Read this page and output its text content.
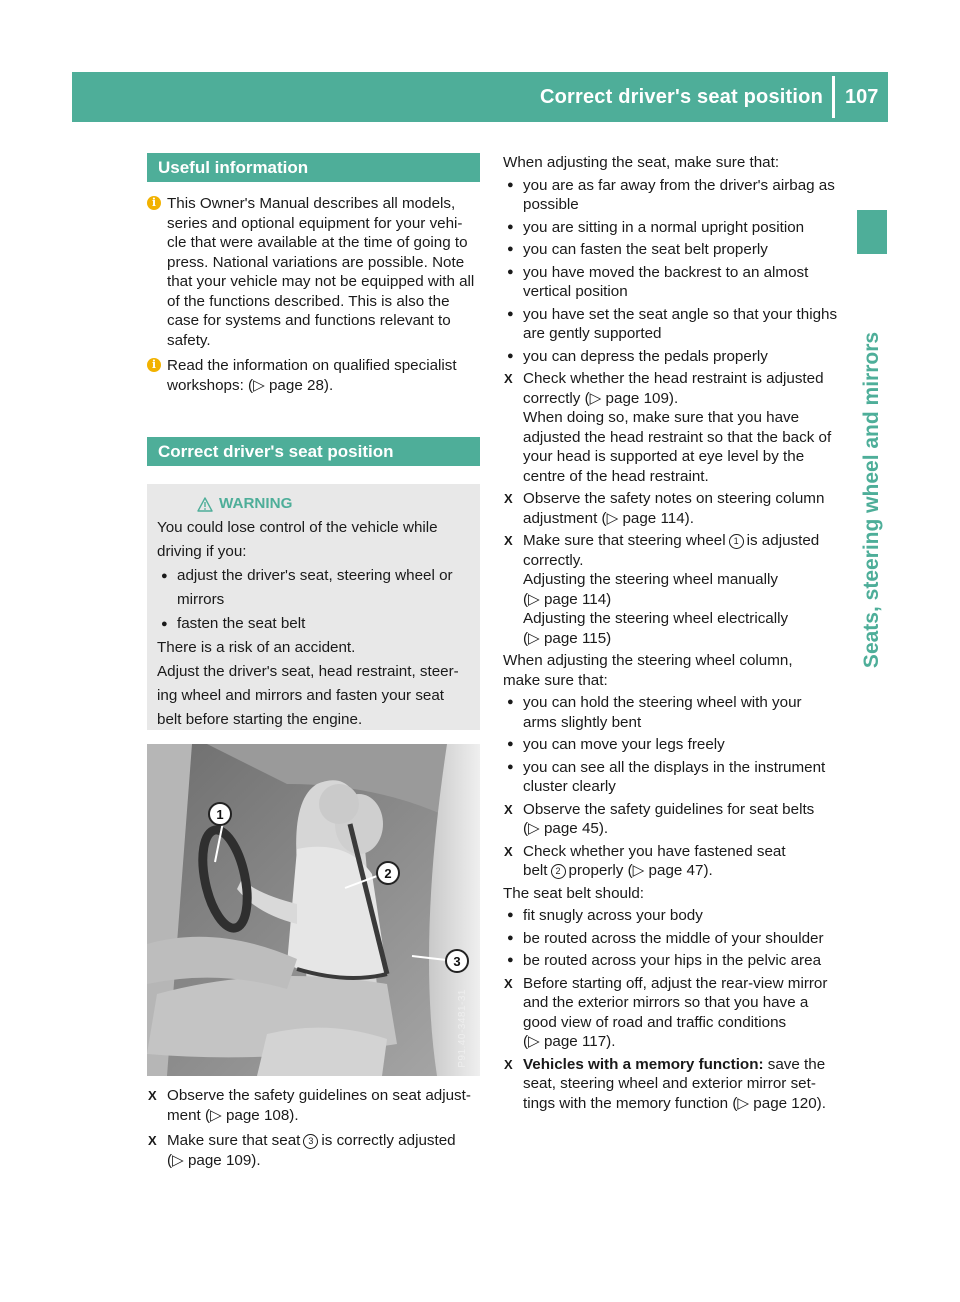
Correct driver's seat position 107
Seats, steering wheel and mirrors
Useful information
i This Owner's Manual describes all models,
series and optional equipment for your vehi-
cle that were available at the time of going to
press. National variations are possible. Note
that your vehicle may not be equipped with all
of the functions described. This is also the
case for systems and functions relevant to
safety.
i Read the information on qualified specialist
workshops: (▷ page 28).
Correct driver's seat position
WARNING
You could lose control of the vehicle while
driving if you:
● adjust the driver's seat, steering wheel or
mirrors
● fasten the seat belt
There is a risk of an accident.
Adjust the driver's seat, head restraint, steer-
ing wheel and mirrors and fasten your seat
belt before starting the engine.
1
2
3
P91.40-3481-31
X Observe the safety guidelines on seat adjust-
ment (▷ page 108).
X Make sure that seat 3 is correctly adjusted
(▷ page 109).
When adjusting the seat, make sure that:
● you are as far away from the driver's airbag as
possible
● you are sitting in a normal upright position
● you can fasten the seat belt properly
● you have moved the backrest to an almost
vertical position
● you have set the seat angle so that your thighs
are gently supported
● you can depress the pedals properly
X Check whether the head restraint is adjusted
correctly (▷ page 109).
When doing so, make sure that you have
adjusted the head restraint so that the back of
your head is supported at eye level by the
centre of the head restraint.
X Observe the safety notes on steering column
adjustment (▷ page 114).
X Make sure that steering wheel 1 is adjusted
correctly.
Adjusting the steering wheel manually
(▷ page 114)
Adjusting the steering wheel electrically
(▷ page 115)
When adjusting the steering wheel column,
make sure that:
● you can hold the steering wheel with your
arms slightly bent
● you can move your legs freely
● you can see all the displays in the instrument
cluster clearly
X Observe the safety guidelines for seat belts
(▷ page 45).
X Check whether you have fastened seat
belt 2 properly (▷ page 47).
The seat belt should:
● fit snugly across your body
● be routed across the middle of your shoulder
● be routed across your hips in the pelvic area
X Before starting off, adjust the rear-view mirror
and the exterior mirrors so that you have a
good view of road and traffic conditions
(▷ page 117).
X Vehicles with a memory function: save the
seat, steering wheel and exterior mirror set-
tings with the memory function (▷ page 120).
